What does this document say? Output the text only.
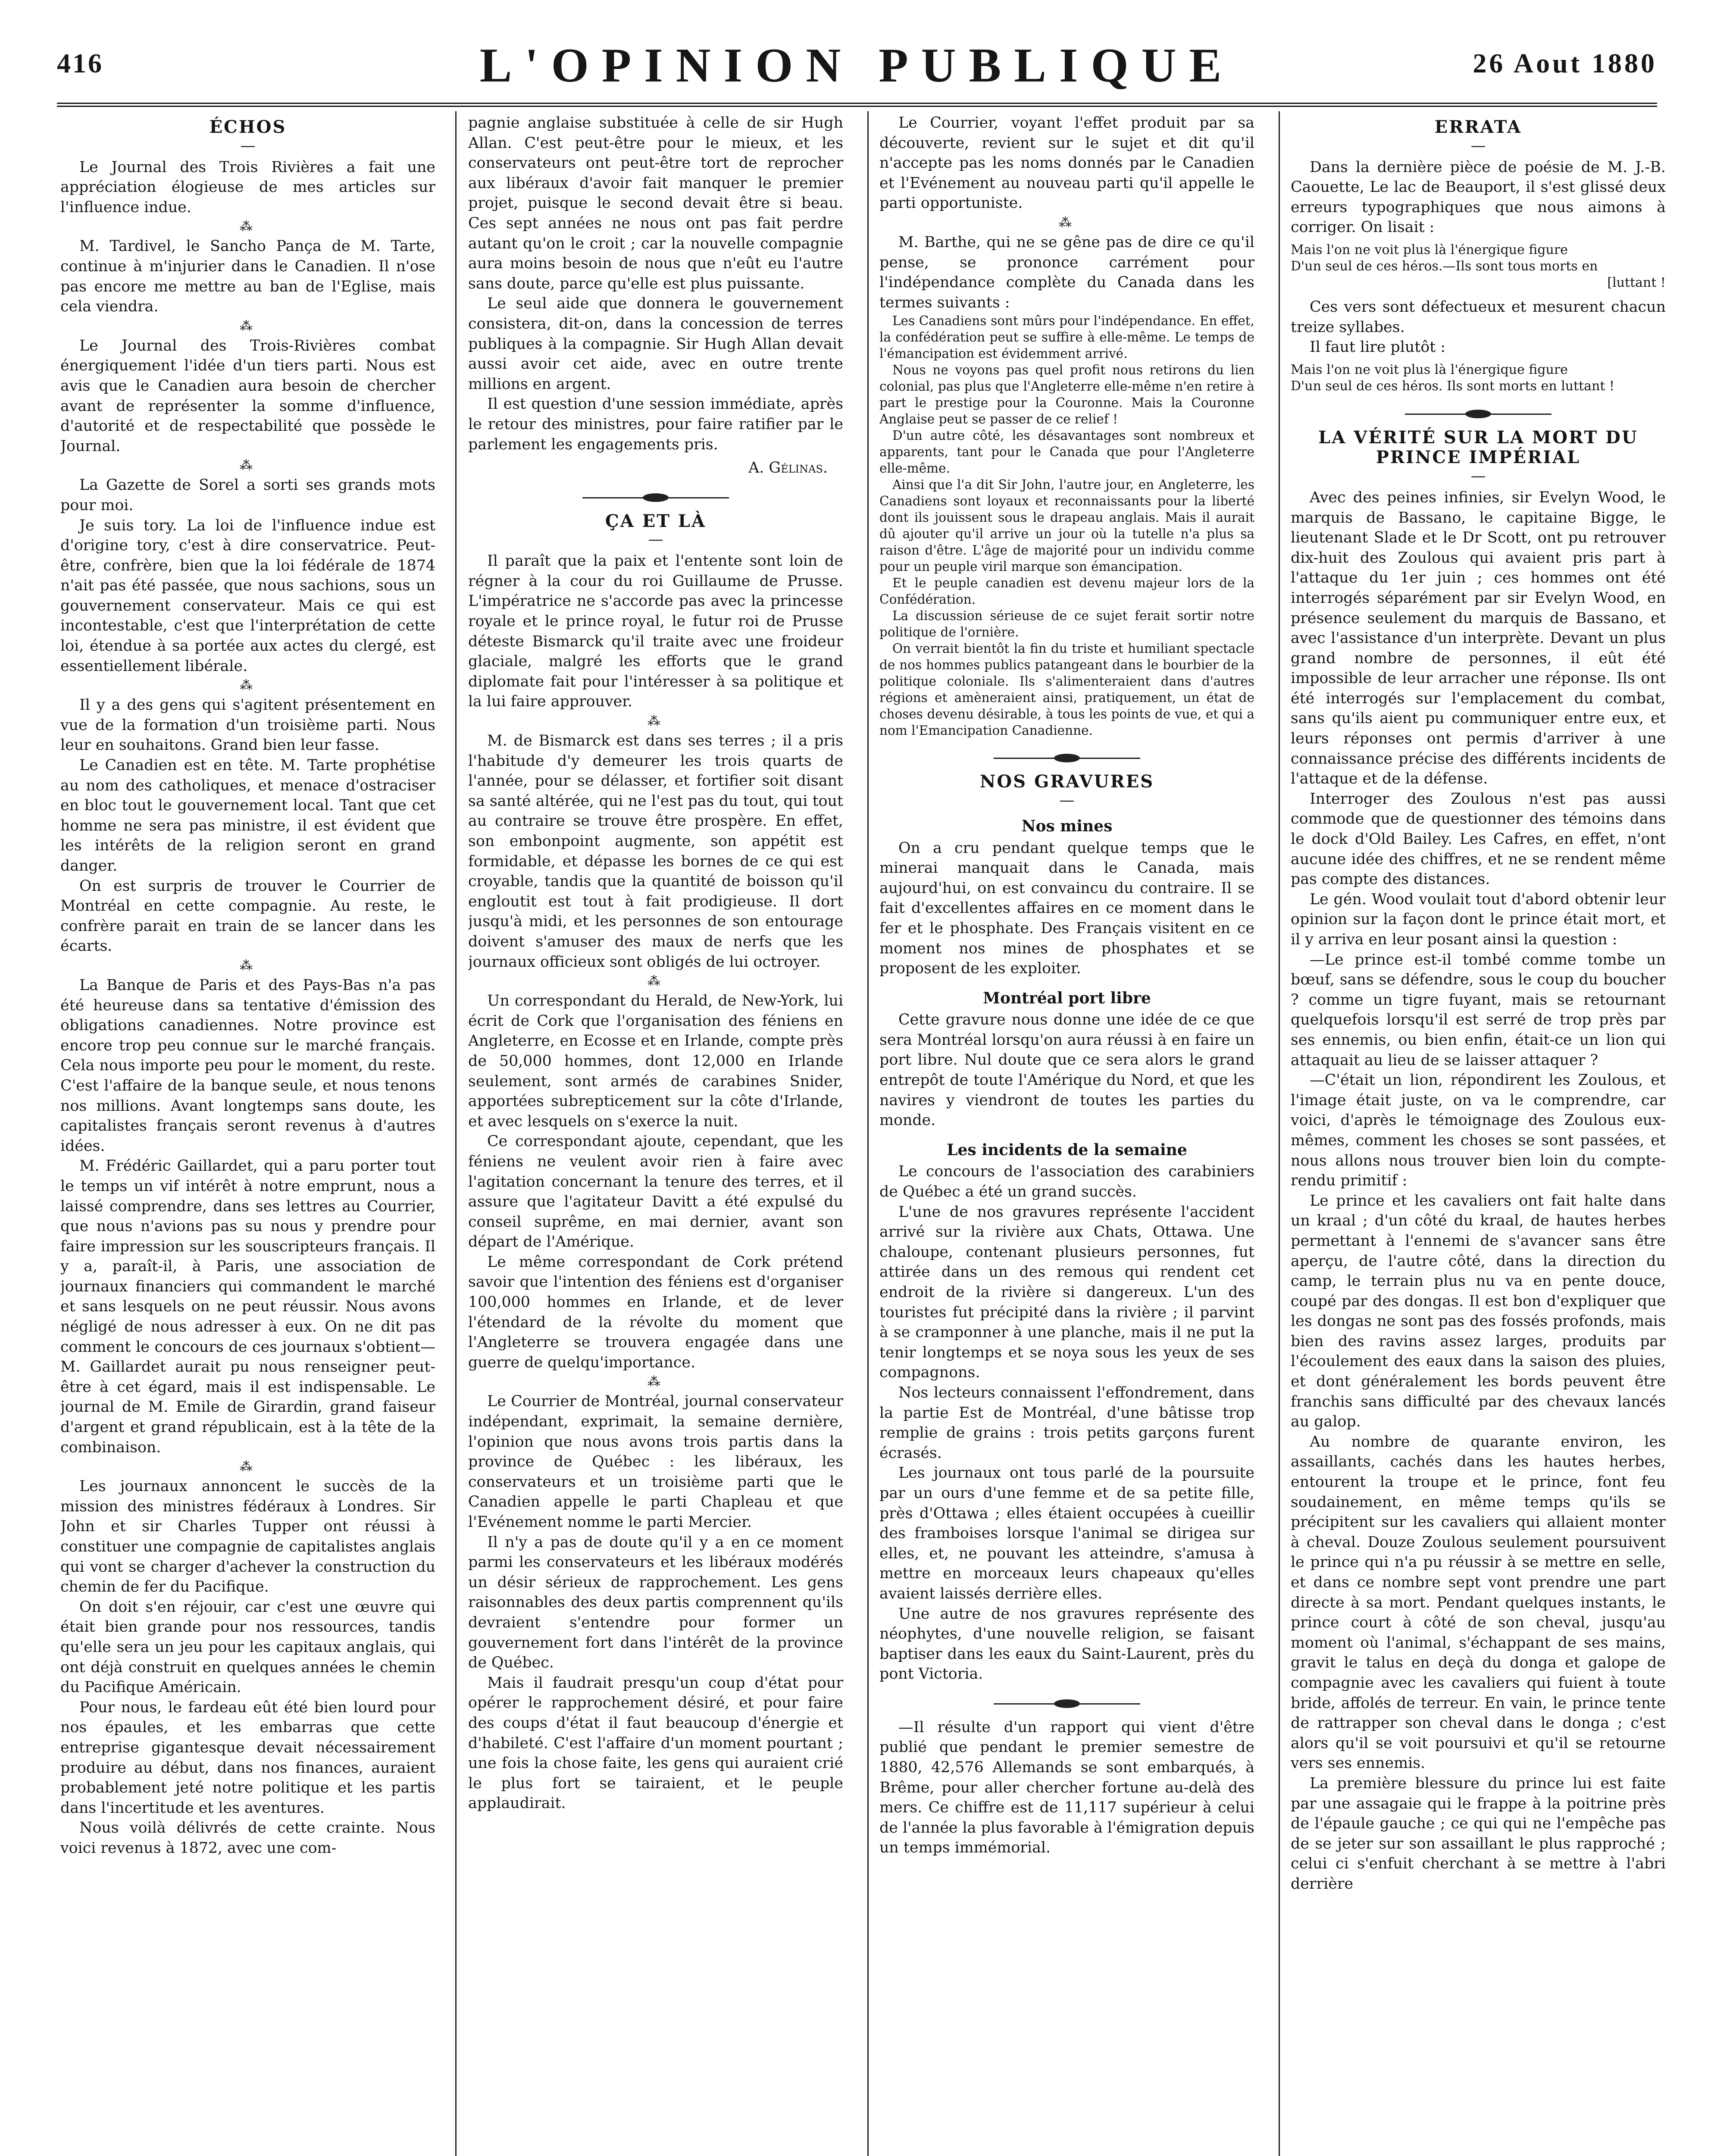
416	L'OPINION PUBLIQUE	26 Aout 1880
ÉCHOS
—

Le Journal des Trois Rivières a fait une appréciation élogieuse de mes articles sur l'influence indue.

⁂

M. Tardivel, le Sancho Pança de M. Tarte, continue à m'injurier dans le Canadien. Il n'ose pas encore me mettre au ban de l'Eglise, mais cela viendra.

⁂

Le Journal des Trois-Rivières combat énergiquement l'idée d'un tiers parti. Nous est avis que le Canadien aura besoin de chercher avant de représenter la somme d'influence, d'autorité et de respectabilité que possède le Journal.

⁂

La Gazette de Sorel a sorti ses grands mots pour moi.

Je suis tory. La loi de l'influence indue est d'origine tory, c'est à dire conservatrice. Peut-être, confrère, bien que la loi fédérale de 1874 n'ait pas été passée, que nous sachions, sous un gouvernement conservateur. Mais ce qui est incontestable, c'est que l'interprétation de cette loi, étendue à sa portée aux actes du clergé, est essentiellement libérale.

⁂

Il y a des gens qui s'agitent présentement en vue de la formation d'un troisième parti. Nous leur en souhaitons. Grand bien leur fasse.

Le Canadien est en tête. M. Tarte prophétise au nom des catholiques, et menace d'ostraciser en bloc tout le gouvernement local. Tant que cet homme ne sera pas ministre, il est évident que les intérêts de la religion seront en grand danger.

On est surpris de trouver le Courrier de Montréal en cette compagnie. Au reste, le confrère parait en train de se lancer dans les écarts.

⁂

La Banque de Paris et des Pays-Bas n'a pas été heureuse dans sa tentative d'émission des obligations canadiennes. Notre province est encore trop peu connue sur le marché français. Cela nous importe peu pour le moment, du reste. C'est l'affaire de la banque seule, et nous tenons nos millions. Avant longtemps sans doute, les capitalistes français seront revenus à d'autres idées.

M. Frédéric Gaillardet, qui a paru porter tout le temps un vif intérêt à notre emprunt, nous a laissé comprendre, dans ses lettres au Courrier, que nous n'avions pas su nous y prendre pour faire impression sur les souscripteurs français. Il y a, paraît-il, à Paris, une association de journaux financiers qui commandent le marché et sans lesquels on ne peut réussir. Nous avons négligé de nous adresser à eux. On ne dit pas comment le concours de ces journaux s'obtient—M. Gaillardet aurait pu nous renseigner peut-être à cet égard, mais il est indispensable. Le journal de M. Emile de Girardin, grand faiseur d'argent et grand républicain, est à la tête de la combinaison.

⁂

Les journaux annoncent le succès de la mission des ministres fédéraux à Londres. Sir John et sir Charles Tupper ont réussi à constituer une compagnie de capitalistes anglais qui vont se charger d'achever la construction du chemin de fer du Pacifique.

On doit s'en réjouir, car c'est une œuvre qui était bien grande pour nos ressources, tandis qu'elle sera un jeu pour les capitaux anglais, qui ont déjà construit en quelques années le chemin du Pacifique Américain.

Pour nous, le fardeau eût été bien lourd pour nos épaules, et les embarras que cette entreprise gigantesque devait nécessairement produire au début, dans nos finances, auraient probablement jeté notre politique et les partis dans l'incertitude et les aventures.

Nous voilà délivrés de cette crainte. Nous voici revenus à 1872, avec une com-

pagnie anglaise substituée à celle de sir Hugh Allan. C'est peut-être pour le mieux, et les conservateurs ont peut-être tort de reprocher aux libéraux d'avoir fait manquer le premier projet, puisque le second devait être si beau. Ces sept années ne nous ont pas fait perdre autant qu'on le croit ; car la nouvelle compagnie aura moins besoin de nous que n'eût eu l'autre sans doute, parce qu'elle est plus puissante.

Le seul aide que donnera le gouvernement consistera, dit-on, dans la concession de terres publiques à la compagnie. Sir Hugh Allan devait aussi avoir cet aide, avec en outre trente millions en argent.

Il est question d'une session immédiate, après le retour des ministres, pour faire ratifier par le parlement les engagements pris.

A. Gélinas.
ÇA ET LÀ
—

Il paraît que la paix et l'entente sont loin de régner à la cour du roi Guillaume de Prusse. L'impératrice ne s'accorde pas avec la princesse royale et le prince royal, le futur roi de Prusse déteste Bismarck qu'il traite avec une froideur glaciale, malgré les efforts que le grand diplomate fait pour l'intéresser à sa politique et la lui faire approuver.

⁂

M. de Bismarck est dans ses terres ; il a pris l'habitude d'y demeurer les trois quarts de l'année, pour se délasser, et fortifier soit disant sa santé altérée, qui ne l'est pas du tout, qui tout au contraire se trouve être prospère. En effet, son embonpoint augmente, son appétit est formidable, et dépasse les bornes de ce qui est croyable, tandis que la quantité de boisson qu'il engloutit est tout à fait prodigieuse. Il dort jusqu'à midi, et les personnes de son entourage doivent s'amuser des maux de nerfs que les journaux officieux sont obligés de lui octroyer.

⁂

Un correspondant du Herald, de New-York, lui écrit de Cork que l'organisation des féniens en Angleterre, en Ecosse et en Irlande, compte près de 50,000 hommes, dont 12,000 en Irlande seulement, sont armés de carabines Snider, apportées subrepticement sur la côte d'Irlande, et avec lesquels on s'exerce la nuit.

Ce correspondant ajoute, cependant, que les féniens ne veulent avoir rien à faire avec l'agitation concernant la tenure des terres, et il assure que l'agitateur Davitt a été expulsé du conseil suprême, en mai dernier, avant son départ de l'Amérique.

Le même correspondant de Cork prétend savoir que l'intention des féniens est d'organiser 100,000 hommes en Irlande, et de lever l'étendard de la révolte du moment que l'Angleterre se trouvera engagée dans une guerre de quelqu'importance.

⁂

Le Courrier de Montréal, journal conservateur indépendant, exprimait, la semaine dernière, l'opinion que nous avons trois partis dans la province de Québec : les libéraux, les conservateurs et un troisième parti que le Canadien appelle le parti Chapleau et que l'Evénement nomme le parti Mercier.

Il n'y a pas de doute qu'il y a en ce moment parmi les conservateurs et les libéraux modérés un désir sérieux de rapprochement. Les gens raisonnables des deux partis comprennent qu'ils devraient s'entendre pour former un gouvernement fort dans l'intérêt de la province de Québec.

Mais il faudrait presqu'un coup d'état pour opérer le rapprochement désiré, et pour faire des coups d'état il faut beaucoup d'énergie et d'habileté. C'est l'affaire d'un moment pourtant ; une fois la chose faite, les gens qui auraient crié le plus fort se tairaient, et le peuple applaudirait.

Le Courrier, voyant l'effet produit par sa découverte, revient sur le sujet et dit qu'il n'accepte pas les noms donnés par le Canadien et l'Evénement au nouveau parti qu'il appelle le parti opportuniste.

⁂

M. Barthe, qui ne se gêne pas de dire ce qu'il pense, se prononce carrément pour l'indépendance complète du Canada dans les termes suivants :

Les Canadiens sont mûrs pour l'indépendance. En effet, la confédération peut se suffire à elle-même. Le temps de l'émancipation est évidemment arrivé.

Nous ne voyons pas quel profit nous retirons du lien colonial, pas plus que l'Angleterre elle-même n'en retire à part le prestige pour la Couronne. Mais la Couronne Anglaise peut se passer de ce relief !

D'un autre côté, les désavantages sont nombreux et apparents, tant pour le Canada que pour l'Angleterre elle-même.

Ainsi que l'a dit Sir John, l'autre jour, en Angleterre, les Canadiens sont loyaux et reconnaissants pour la liberté dont ils jouissent sous le drapeau anglais. Mais il aurait dû ajouter qu'il arrive un jour où la tutelle n'a plus sa raison d'être. L'âge de majorité pour un individu comme pour un peuple viril marque son émancipation.

Et le peuple canadien est devenu majeur lors de la Confédération.

La discussion sérieuse de ce sujet ferait sortir notre politique de l'ornière.

On verrait bientôt la fin du triste et humiliant spectacle de nos hommes publics patangeant dans le bourbier de la politique coloniale. Ils s'alimenteraient dans d'autres régions et amèneraient ainsi, pratiquement, un état de choses devenu désirable, à tous les points de vue, et qui a nom l'Emancipation Canadienne.

NOS GRAVURES
—
Nos mines

On a cru pendant quelque temps que le minerai manquait dans le Canada, mais aujourd'hui, on est convaincu du contraire. Il se fait d'excellentes affaires en ce moment dans le fer et le phosphate. Des Français visitent en ce moment nos mines de phosphates et se proposent de les exploiter.

Montréal port libre

Cette gravure nous donne une idée de ce que sera Montréal lorsqu'on aura réussi à en faire un port libre. Nul doute que ce sera alors le grand entrepôt de toute l'Amérique du Nord, et que les navires y viendront de toutes les parties du monde.

Les incidents de la semaine

Le concours de l'association des carabiniers de Québec a été un grand succès.

L'une de nos gravures représente l'accident arrivé sur la rivière aux Chats, Ottawa. Une chaloupe, contenant plusieurs personnes, fut attirée dans un des remous qui rendent cet endroit de la rivière si dangereux. L'un des touristes fut précipité dans la rivière ; il parvint à se cramponner à une planche, mais il ne put la tenir longtemps et se noya sous les yeux de ses compagnons.

Nos lecteurs connaissent l'effondrement, dans la partie Est de Montréal, d'une bâtisse trop remplie de grains : trois petits garçons furent écrasés.

Les journaux ont tous parlé de la poursuite par un ours d'une femme et de sa petite fille, près d'Ottawa ; elles étaient occupées à cueillir des framboises lorsque l'animal se dirigea sur elles, et, ne pouvant les atteindre, s'amusa à mettre en morceaux leurs chapeaux qu'elles avaient laissés derrière elles.

Une autre de nos gravures représente des néophytes, d'une nouvelle religion, se faisant baptiser dans les eaux du Saint-Laurent, près du pont Victoria.

—Il résulte d'un rapport qui vient d'être publié que pendant le premier semestre de 1880, 42,576 Allemands se sont embarqués, à Brême, pour aller chercher fortune au-delà des mers. Ce chiffre est de 11,117 supérieur à celui de l'année la plus favorable à l'émigration depuis un temps immémorial.

ERRATA
—

Dans la dernière pièce de poésie de M. J.-B. Caouette, Le lac de Beauport, il s'est glissé deux erreurs typographiques que nous aimons à corriger. On lisait :

Mais l'on ne voit plus là l'énergique figure
D'un seul de ces héros.—Ils sont tous morts en
[luttant !

Ces vers sont défectueux et mesurent chacun treize syllabes.

Il faut lire plutôt :

Mais l'on ne voit plus là l'énergique figure
D'un seul de ces héros. Ils sont morts en luttant !
LA VÉRITÉ SUR LA MORT DU PRINCE IMPÉRIAL
—

Avec des peines infinies, sir Evelyn Wood, le marquis de Bassano, le capitaine Bigge, le lieutenant Slade et le Dr Scott, ont pu retrouver dix-huit des Zoulous qui avaient pris part à l'attaque du 1er juin ; ces hommes ont été interrogés séparément par sir Evelyn Wood, en présence seulement du marquis de Bassano, et avec l'assistance d'un interprète. Devant un plus grand nombre de personnes, il eût été impossible de leur arracher une réponse. Ils ont été interrogés sur l'emplacement du combat, sans qu'ils aient pu communiquer entre eux, et leurs réponses ont permis d'arriver à une connaissance précise des différents incidents de l'attaque et de la défense.

Interroger des Zoulous n'est pas aussi commode que de questionner des témoins dans le dock d'Old Bailey. Les Cafres, en effet, n'ont aucune idée des chiffres, et ne se rendent même pas compte des distances.

Le gén. Wood voulait tout d'abord obtenir leur opinion sur la façon dont le prince était mort, et il y arriva en leur posant ainsi la question :

—Le prince est-il tombé comme tombe un bœuf, sans se défendre, sous le coup du boucher ? comme un tigre fuyant, mais se retournant quelquefois lorsqu'il est serré de trop près par ses ennemis, ou bien enfin, était-ce un lion qui attaquait au lieu de se laisser attaquer ?

—C'était un lion, répondirent les Zoulous, et l'image était juste, on va le comprendre, car voici, d'après le témoignage des Zoulous eux-mêmes, comment les choses se sont passées, et nous allons nous trouver bien loin du compte-rendu primitif :

Le prince et les cavaliers ont fait halte dans un kraal ; d'un côté du kraal, de hautes herbes permettant à l'ennemi de s'avancer sans être aperçu, de l'autre côté, dans la direction du camp, le terrain plus nu va en pente douce, coupé par des dongas. Il est bon d'expliquer que les dongas ne sont pas des fossés profonds, mais bien des ravins assez larges, produits par l'écoulement des eaux dans la saison des pluies, et dont généralement les bords peuvent être franchis sans difficulté par des chevaux lancés au galop.

Au nombre de quarante environ, les assaillants, cachés dans les hautes herbes, entourent la troupe et le prince, font feu soudainement, en même temps qu'ils se précipitent sur les cavaliers qui allaient monter à cheval. Douze Zoulous seulement poursuivent le prince qui n'a pu réussir à se mettre en selle, et dans ce nombre sept vont prendre une part directe à sa mort. Pendant quelques instants, le prince court à côté de son cheval, jusqu'au moment où l'animal, s'échappant de ses mains, gravit le talus en deçà du donga et galope de compagnie avec les cavaliers qui fuient à toute bride, affolés de terreur. En vain, le prince tente de rattrapper son cheval dans le donga ; c'est alors qu'il se voit poursuivi et qu'il se retourne vers ses ennemis.

La première blessure du prince lui est faite par une assagaie qui le frappe à la poitrine près de l'épaule gauche ; ce qui qui ne l'empêche pas de se jeter sur son assaillant le plus rapproché ; celui ci s'enfuit cherchant à se mettre à l'abri derrière
